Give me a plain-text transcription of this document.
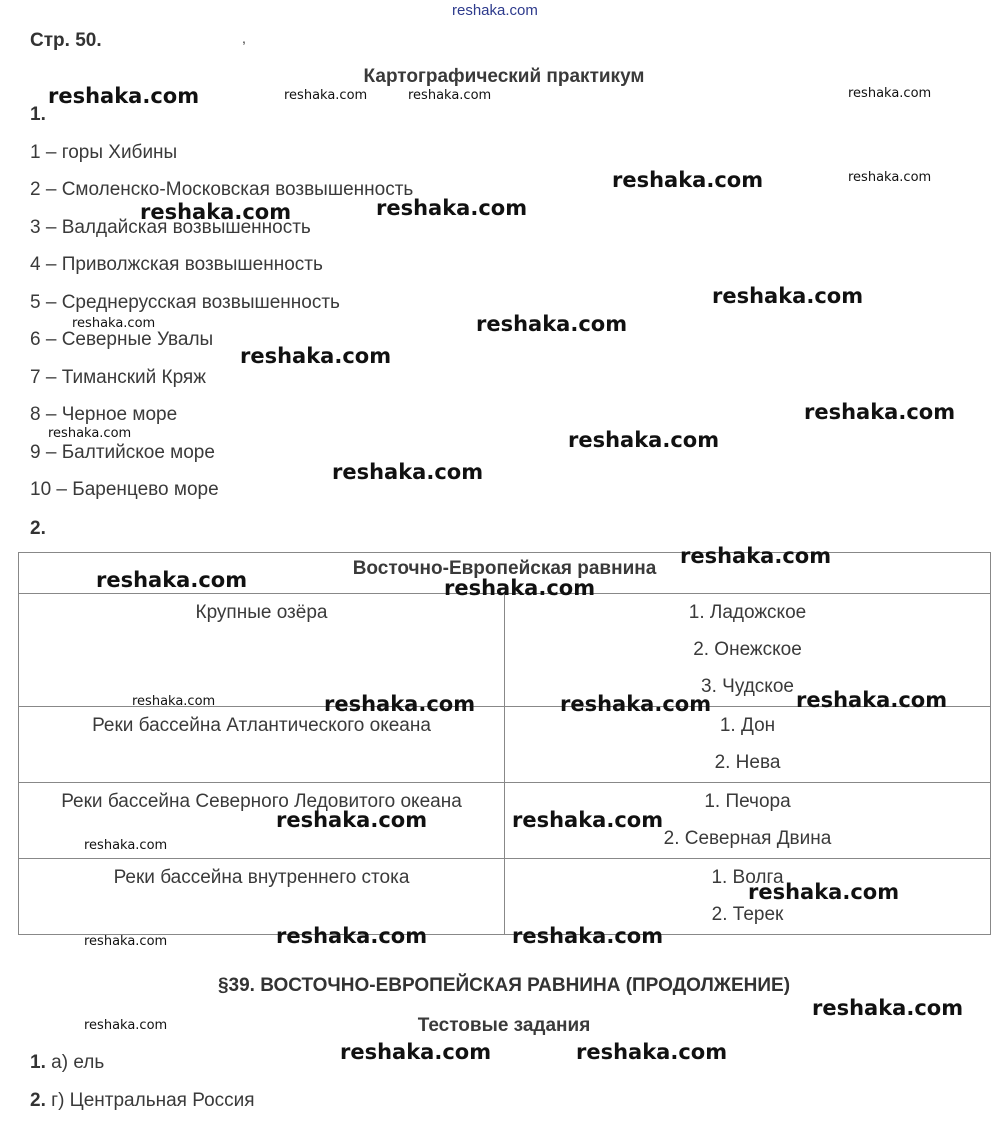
reshaka.com
Стр. 50.	,
Картографический практикум
1.
1 – горы Хибины
2 – Смоленско-Московская возвышенность
3 – Валдайская возвышенность
4 – Приволжская возвышенность
5 – Среднерусская возвышенность
6 – Северные Увалы
7 – Тиманский Кряж
8 – Черное море
9 – Балтийское море
10 – Баренцево море
2.
Восточно-Европейская равнина	
Крупные озёра	1. Ладожское
2. Онежское
3. Чудское

Реки бассейна Атлантического океана	1. Дон
2. Нева

Реки бассейна Северного Ледовитого океана	1. Печора
2. Северная Двина

Реки бассейна внутреннего стока	1. Волга
2. Терек
§39. ВОСТОЧНО-ЕВРОПЕЙСКАЯ РАВНИНА (ПРОДОЛЖЕНИЕ)
Тестовые задания
1. а) ель
2. г) Центральная Россия
reshaka.com	reshaka.com	reshaka.com	reshaka.com
reshaka.com	reshaka.com
reshaka.com	reshaka.com
reshaka.com
reshaka.com	reshaka.com
reshaka.com
reshaka.com
reshaka.com	reshaka.com
reshaka.com
reshaka.com
reshaka.com	reshaka.com
reshaka.com	reshaka.com	reshaka.com	reshaka.com
reshaka.com	reshaka.com
reshaka.com
reshaka.com
reshaka.com	reshaka.com	reshaka.com
reshaka.com
reshaka.com
reshaka.com	reshaka.com
